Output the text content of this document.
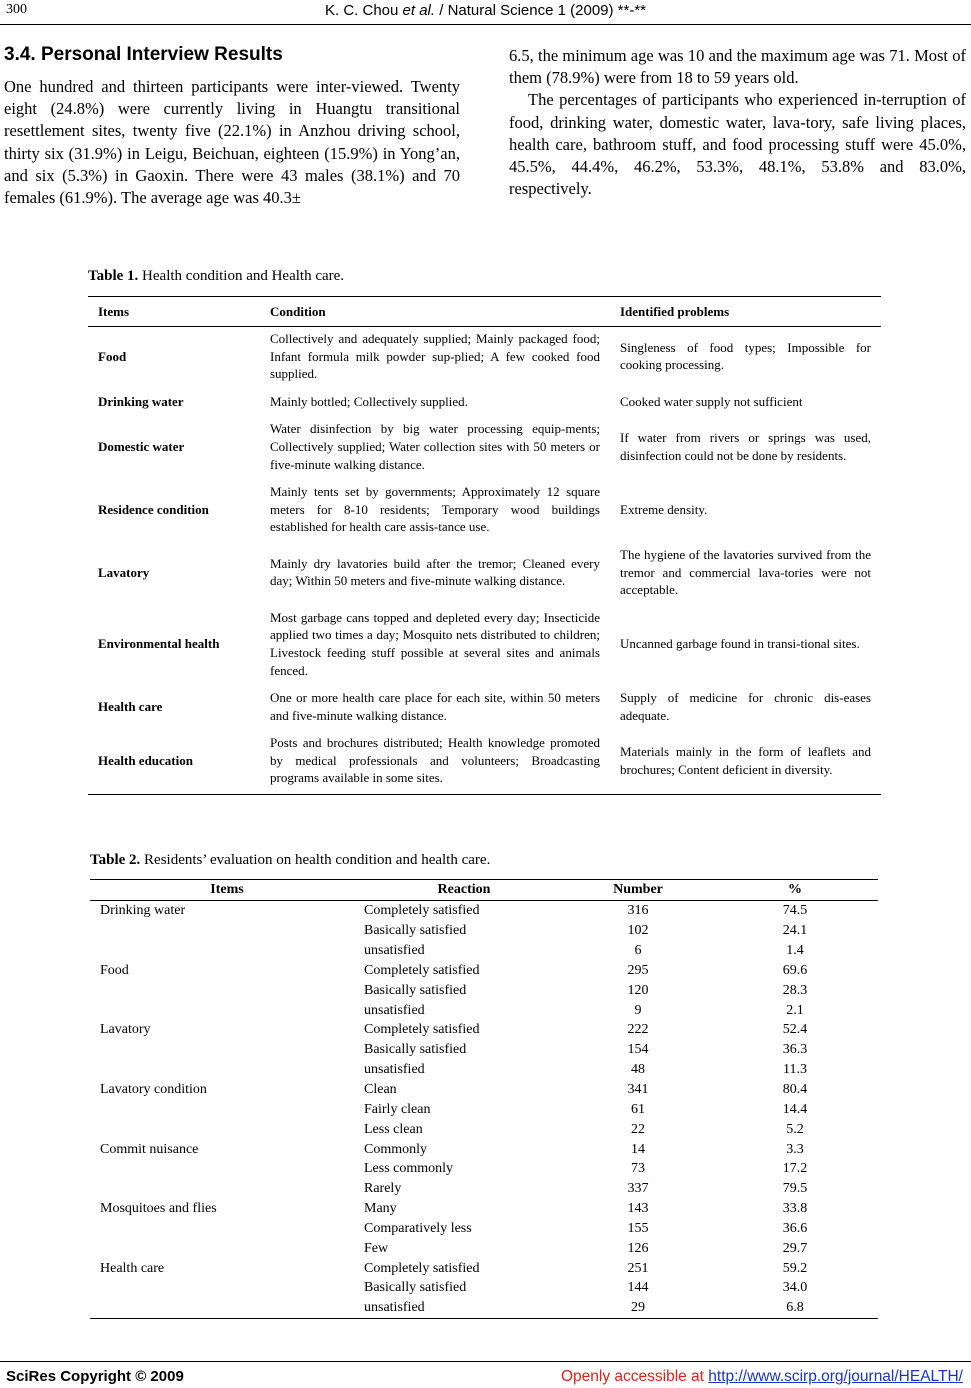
300	K. C. Chou et al. / Natural Science 1 (2009) **-**
3.4. Personal Interview Results

One hundred and thirteen participants were inter-viewed. Twenty eight (24.8%) were currently living in Huangtu transitional resettlement sites, twenty five (22.1%) in Anzhou driving school, thirty six (31.9%) in Leigu, Beichuan, eighteen (15.9%) in Yong’an, and six (5.3%) in Gaoxin. There were 43 males (38.1%) and 70 females (61.9%). The average age was 40.3±

6.5, the minimum age was 10 and the maximum age was 71. Most of them (78.9%) were from 18 to 59 years old.

The percentages of participants who experienced in-terruption of food, drinking water, domestic water, lava-tory, safe living places, health care, bathroom stuff, and food processing stuff were 45.0%, 45.5%, 44.4%, 46.2%, 53.3%, 48.1%, 53.8% and 83.0%, respectively.

Table 1. Health condition and Health care.
Items	Condition	Identified problems
Food	Collectively and adequately supplied; Mainly packaged food; Infant formula milk powder sup-plied; A few cooked food supplied.	Singleness of food types; Impossible for cooking processing.
Drinking water	Mainly bottled; Collectively supplied.	Cooked water supply not sufficient
Domestic water	Water disinfection by big water processing equip-ments; Collectively supplied; Water collection sites with 50 meters or five-minute walking distance.	If water from rivers or springs was used, disinfection could not be done by residents.
Residence condition	Mainly tents set by governments; Approximately 12 square meters for 8-10 residents; Temporary wood buildings established for health care assis-tance use.	Extreme density.
Lavatory	Mainly dry lavatories build after the tremor; Cleaned every day; Within 50 meters and five-minute walking distance.	The hygiene of the lavatories survived from the tremor and commercial lava-tories were not acceptable.
Environmental health	Most garbage cans topped and depleted every day; Insecticide applied two times a day; Mosquito nets distributed to children; Livestock feeding stuff possible at several sites and animals fenced.	Uncanned garbage found in transi-tional sites.
Health care	One or more health care place for each site, within 50 meters and five-minute walking distance.	Supply of medicine for chronic dis-eases adequate.
Health education	Posts and brochures distributed; Health knowledge promoted by medical professionals and volunteers; Broadcasting programs available in some sites.	Materials mainly in the form of leaflets and brochures; Content deficient in diversity.
Table 2. Residents’ evaluation on health condition and health care.
Items	Reaction	Number	%
Drinking water	Completely satisfied	316	74.5
	Basically satisfied	102	24.1
	unsatisfied	6	1.4
Food	Completely satisfied	295	69.6
	Basically satisfied	120	28.3
	unsatisfied	9	2.1
Lavatory	Completely satisfied	222	52.4
	Basically satisfied	154	36.3
	unsatisfied	48	11.3
Lavatory condition	Clean	341	80.4
	Fairly clean	61	14.4
	Less clean	22	5.2
Commit nuisance	Commonly	14	3.3
	Less commonly	73	17.2
	Rarely	337	79.5
Mosquitoes and flies	Many	143	33.8
	Comparatively less	155	36.6
	Few	126	29.7
Health care	Completely satisfied	251	59.2
	Basically satisfied	144	34.0
	unsatisfied	29	6.8
SciRes Copyright © 2009	Openly accessible at http://www.scirp.org/journal/HEALTH/
